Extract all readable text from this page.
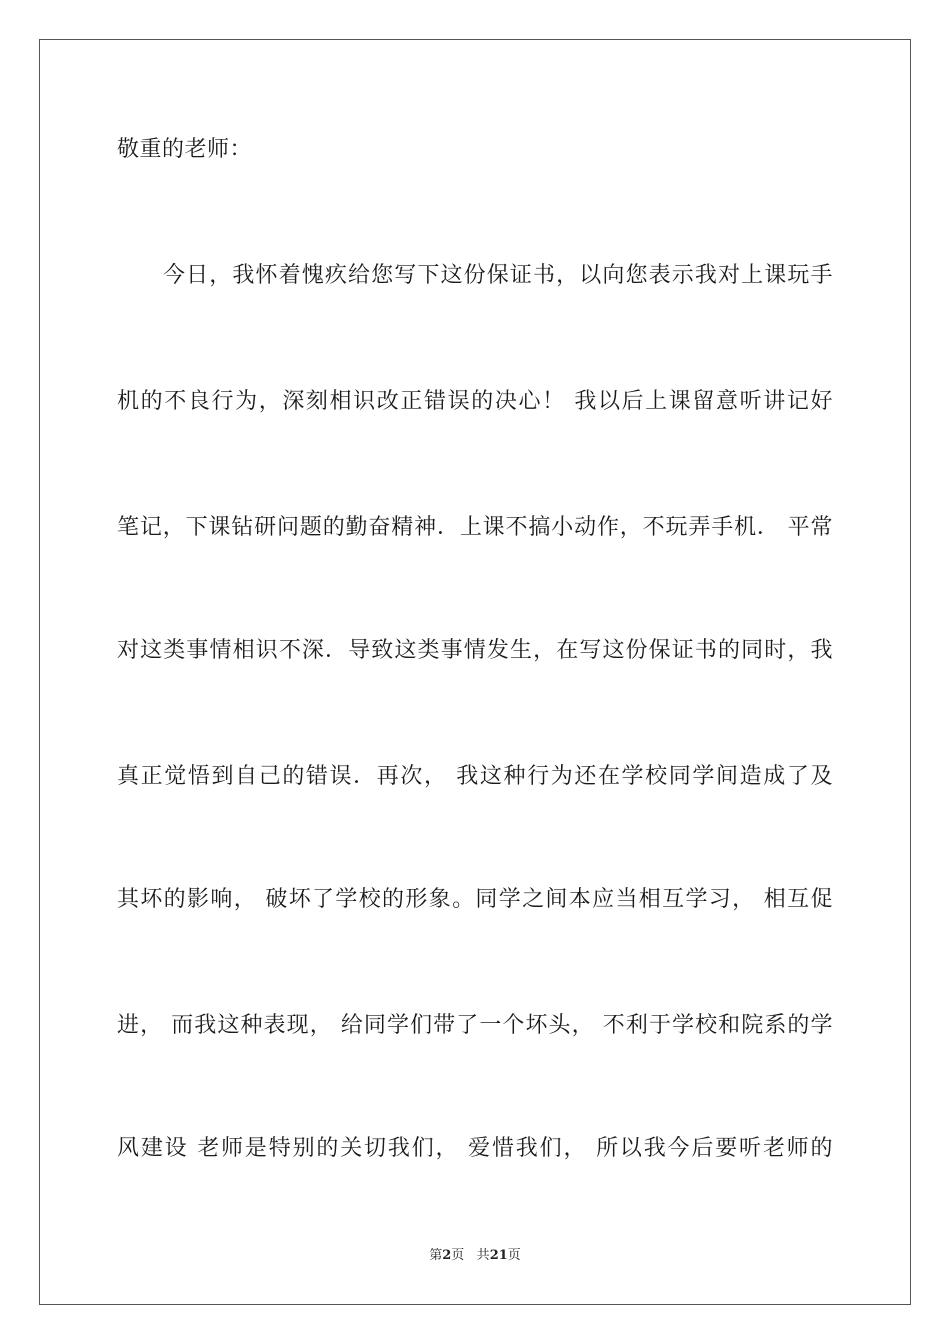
敬重的老师：
今日，我怀着愧疚给您写下这份保证书，以向您表示我对上课玩手
机的不良行为，深刻相识改正错误的决心！ 我以后上课留意听讲记好
笔记，下课钻研问题的勤奋精神．上课不搞小动作，不玩弄手机． 平常
对这类事情相识不深．导致这类事情发生，在写这份保证书的同时，我
真正觉悟到自己的错误．再次， 我这种行为还在学校同学间造成了及
其坏的影响， 破坏了学校的形象。同学之间本应当相互学习， 相互促
进， 而我这种表现， 给同学们带了一个坏头， 不利于学校和院系的学
风建设 老师是特别的关切我们， 爱惜我们， 所以我今后要听老师的
第2页 共21页
